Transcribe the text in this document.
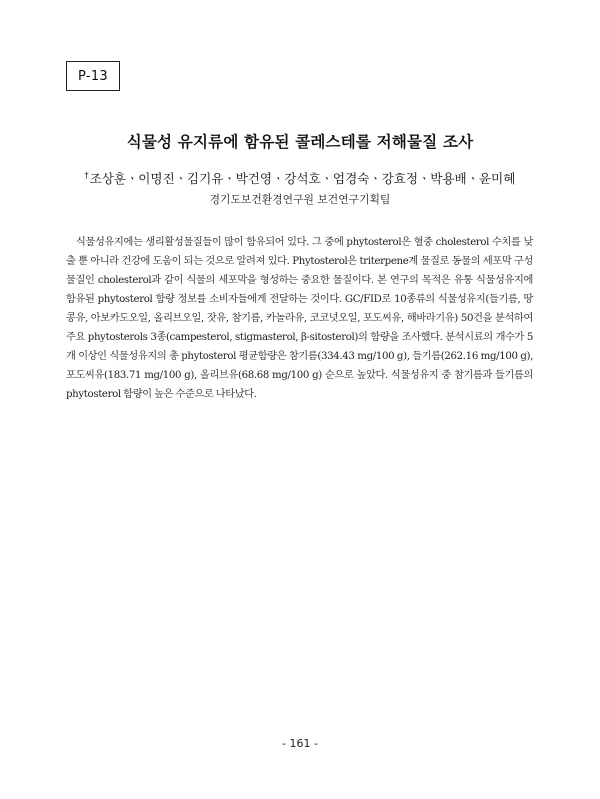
P-13
식물성 유지류에 함유된 콜레스테롤 저해물질 조사
†조상훈ㆍ이명진ㆍ김기유ㆍ박건영ㆍ강석호ㆍ엄경숙ㆍ강효정ㆍ박용배ㆍ윤미혜
경기도보건환경연구원 보건연구기획팀

식물성유지에는 생리활성물질들이 많이 함유되어 있다. 그 중에 phytosterol은 혈중 cholesterol 수치를 낮출 뿐 아니라 건강에 도움이 되는 것으로 알려져 있다. Phytosterol은 triterpene계 물질로 동물의 세포막 구성물질인 cholesterol과 같이 식물의 세포막을 형성하는 중요한 물질이다. 본 연구의 목적은 유통 식물성유지에 함유된 phytosterol 함량 정보를 소비자들에게 전달하는 것이다. GC/FID로 10종류의 식물성유지(들기름, 땅콩유, 아보카도오일, 올리브오일, 잣유, 참기름, 카놀라유, 코코넛오일, 포도씨유, 해바라기유) 50건을 분석하여 주요 phytosterols 3종(campesterol, stigmasterol, β-sitosterol)의 함량을 조사했다. 분석시료의 개수가 5개 이상인 식물성유지의 총 phytosterol 평균함량은 참기름(334.43 mg/100 g), 들기름(262.16 mg/100 g), 포도씨유(183.71 mg/100 g), 올리브유(68.68 mg/100 g) 순으로 높았다. 식물성유지 중 참기름과 들기름의 phytosterol 함량이 높은 수준으로 나타났다.

- 161 -
